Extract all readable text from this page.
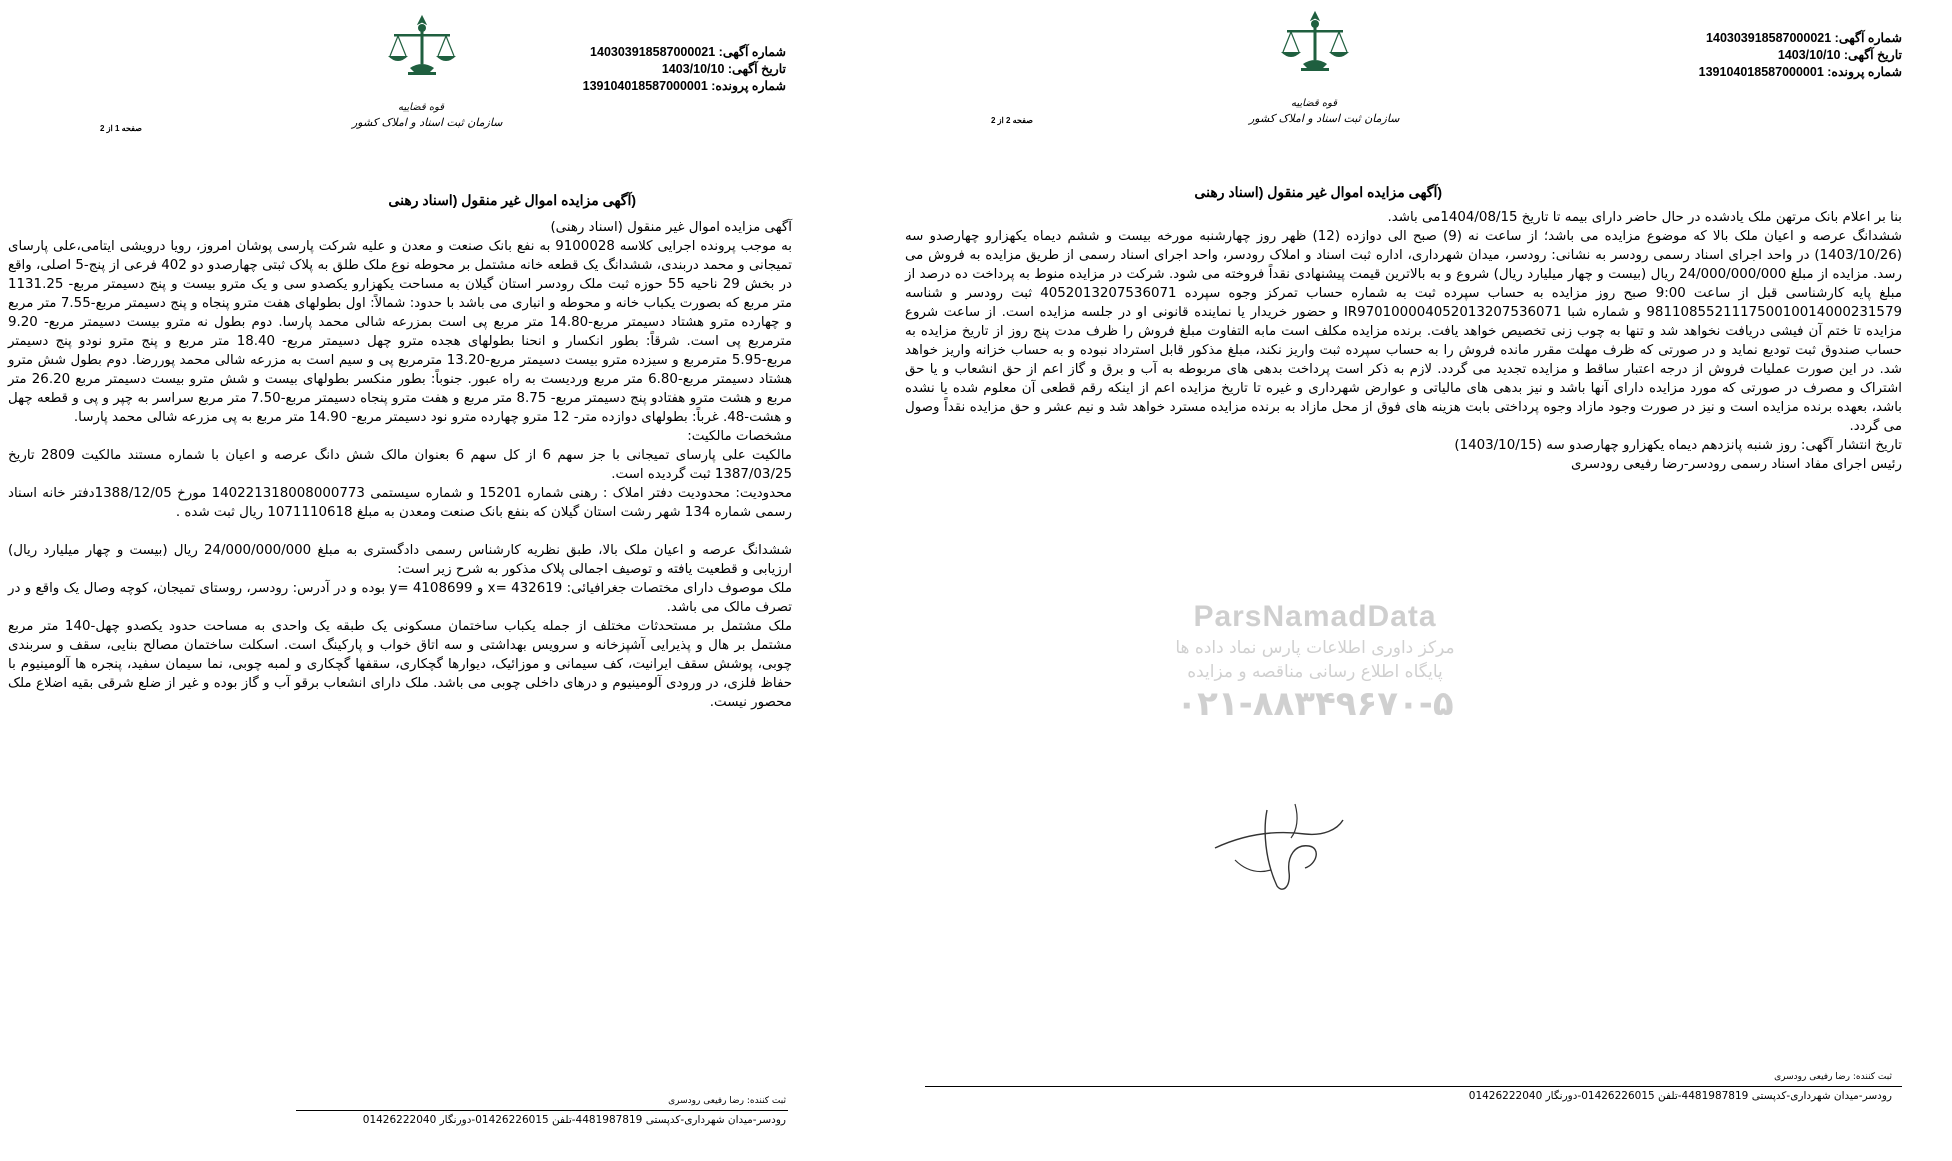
قوه قضاییه
سازمان ثبت اسناد و املاک کشور
شماره آگهی: 140303918587000021
تاریخ آگهی: 1403/10/10
شماره پرونده: 139104018587000001
صفحه 1 از 2
(آگهی مزایده اموال غیر منقول (اسناد رهنی

آگهی مزایده اموال غیر منقول (اسناد رهنی)

به موجب پرونده اجرایی کلاسه 9100028 به نفع بانک صنعت و معدن و علیه شرکت پارسی پوشان امروز، رویا درویشی ایتامی،علی پارسای تمیجانی و محمد دربندی، ششدانگ یک قطعه خانه مشتمل بر محوطه نوع ملک طلق به پلاک ثبتی چهارصدو دو 402 فرعی از پنج-5 اصلی، واقع در بخش 29 ناحیه 55 حوزه ثبت ملک رودسر استان گیلان به مساحت یکهزارو یکصدو سی و یک مترو بیست و پنج دسیمتر مربع- 1131.25 متر مربع که بصورت یکباب خانه و محوطه و انباری می باشد با حدود: شمالاً: اول بطولهای هفت مترو پنجاه و پنج دسیمتر مربع-7.55 متر مربع و چهارده مترو هشتاد دسیمتر مربع-14.80 متر مربع پی است بمزرعه شالی محمد پارسا. دوم بطول نه مترو بیست دسیمتر مربع- 9.20 مترمربع پی است. شرقاً: بطور انکسار و انحنا بطولهای هجده مترو چهل دسیمتر مربع- 18.40 متر مربع و پنج مترو نودو پنج دسیمتر مربع-5.95 مترمربع و سیزده مترو بیست دسیمتر مربع-13.20 مترمربع پی و سیم است به مزرعه شالی محمد پوررضا. دوم بطول شش مترو هشتاد دسیمتر مربع-6.80 متر مربع وردیست به راه عبور. جنوباً: بطور منکسر بطولهای بیست و شش مترو بیست دسیمتر مربع 26.20 متر مربع و هشت مترو هفتادو پنج دسیمتر مربع- 8.75 متر مربع و هفت مترو پنجاه دسیمتر مربع-7.50 متر مربع سراسر به چپر و پی و قطعه چهل و هشت-48. غرباً: بطولهای دوازده متر- 12 مترو چهارده مترو نود دسیمتر مربع- 14.90 متر مربع به پی مزرعه شالی محمد پارسا.

مشخصات مالکیت:

مالکیت علی پارسای تمیجانی با جز سهم 6 از کل سهم 6 بعنوان مالک شش دانگ عرصه و اعیان با شماره مستند مالکیت 2809 تاریخ 1387/03/25 ثبت گردیده است.

محدودیت: محدودیت دفتر املاک : رهنی شماره 15201 و شماره سیستمی 140221318008000773 مورخ 1388/12/05دفتر خانه اسناد رسمی شماره 134 شهر رشت استان گیلان که بنفع بانک صنعت ومعدن به مبلغ 1071110618 ریال ثبت شده .

ششدانگ عرصه و اعیان ملک بالا، طبق نظریه کارشناس رسمی دادگستری به مبلغ 24/000/000/000 ریال (بیست و چهار میلیارد ریال) ارزیابی و قطعیت یافته و توصیف اجمالی پلاک مذکور به شرح زیر است:

ملک موصوف دارای مختصات جغرافیائی: 432619 =x و 4108699 =y بوده و در آدرس: رودسر، روستای تمیجان، کوچه وصال یک واقع و در تصرف مالک می باشد.

ملک مشتمل بر مستحدثات مختلف از جمله یکباب ساختمان مسکونی یک طبقه یک واحدی به مساحت حدود یکصدو چهل-140 متر مربع مشتمل بر هال و پذیرایی آشپزخانه و سرویس بهداشتی و سه اتاق خواب و پارکینگ است. اسکلت ساختمان مصالح بنایی، سقف و سربندی چوبی، پوشش سقف ایرانیت، کف سیمانی و موزائیک، دیوارها گچکاری، سقفها گچکاری و لمبه چوبی، نما سیمان سفید، پنجره ها آلومینیوم با حفاظ فلزی، در ورودی آلومینیوم و درهای داخلی چوبی می باشد. ملک دارای انشعاب برقو آب و گاز بوده و غیر از ضلع شرقی بقیه اضلاع ملک محصور نیست.

ثبت کننده: رضا رفیعی رودسری
رودسر-میدان شهرداری-کدپستی 4481987819-تلفن 01426226015-دورنگار 01426222040
قوه قضاییه
سازمان ثبت اسناد و املاک کشور
شماره آگهی: 140303918587000021
تاریخ آگهی: 1403/10/10
شماره پرونده: 139104018587000001
صفحه 2 از 2
(آگهی مزایده اموال غیر منقول (اسناد رهنی
ParsNamadData
مرکز داوری اطلاعات پارس نماد داده ها
پایگاه اطلاع رسانی مناقصه و مزایده
۰۲۱-۸۸۳۴۹۶۷۰-۵

بنا بر اعلام بانک مرتهن ملک یادشده در حال حاضر دارای بیمه تا تاریخ 1404/08/15می باشد.

ششدانگ عرصه و اعیان ملک بالا که موضوع مزایده می باشد؛ از ساعت نه (9) صبح الی دوازده (12) ظهر روز چهارشنبه مورخه بیست و ششم دیماه یکهزارو چهارصدو سه (1403/10/26) در واحد اجرای اسناد رسمی رودسر به نشانی: رودسر، میدان شهرداری، اداره ثبت اسناد و املاک رودسر، واحد اجرای اسناد رسمی از طریق مزایده به فروش می رسد. مزایده از مبلغ 24/000/000/000 ریال (بیست و چهار میلیارد ریال) شروع و به بالاترین قیمت پیشنهادی نقداً فروخته می شود. شرکت در مزایده منوط به پرداخت ده درصد از مبلغ پایه کارشناسی قبل از ساعت 9:00 صبح روز مزایده به حساب سپرده ثبت به شماره حساب تمرکز وجوه سپرده 4052013207536071 ثبت رودسر و شناسه 981108552111750010014000231579 و شماره شبا IR970100004052013207536071 و حضور خریدار یا نماینده قانونی او در جلسه مزایده است. از ساعت شروع مزایده تا ختم آن فیشی دریافت نخواهد شد و تنها به چوب زنی تخصیص خواهد یافت. برنده مزایده مکلف است مابه التفاوت مبلغ فروش را ظرف مدت پنج روز از تاریخ مزایده به حساب صندوق ثبت تودیع نماید و در صورتی که ظرف مهلت مقرر مانده فروش را به حساب سپرده ثبت واریز نکند، مبلغ مذکور قابل استرداد نبوده و به حساب خزانه واریز خواهد شد. در این صورت عملیات فروش از درجه اعتبار ساقط و مزایده تجدید می گردد. لازم به ذکر است پرداخت بدهی های مربوطه به آب و برق و گاز اعم از حق انشعاب و یا حق اشتراک و مصرف در صورتی که مورد مزایده دارای آنها باشد و نیز بدهی های مالیاتی و عوارض شهرداری و غیره تا تاریخ مزایده اعم از اینکه رقم قطعی آن معلوم شده یا نشده باشد، بعهده برنده مزایده است و نیز در صورت وجود مازاد وجوه پرداختی بابت هزینه های فوق از محل مازاد به برنده مزایده مسترد خواهد شد و نیم عشر و حق مزایده نقداً وصول می گردد.

تاریخ انتشار آگهی: روز شنبه پانزدهم دیماه یکهزارو چهارصدو سه (1403/10/15)

رئیس اجرای مفاد اسناد رسمی رودسر-رضا رفیعی رودسری

ثبت کننده: رضا رفیعی رودسری
رودسر-میدان شهرداری-کدپستی 4481987819-تلفن 01426226015-دورنگار 01426222040
